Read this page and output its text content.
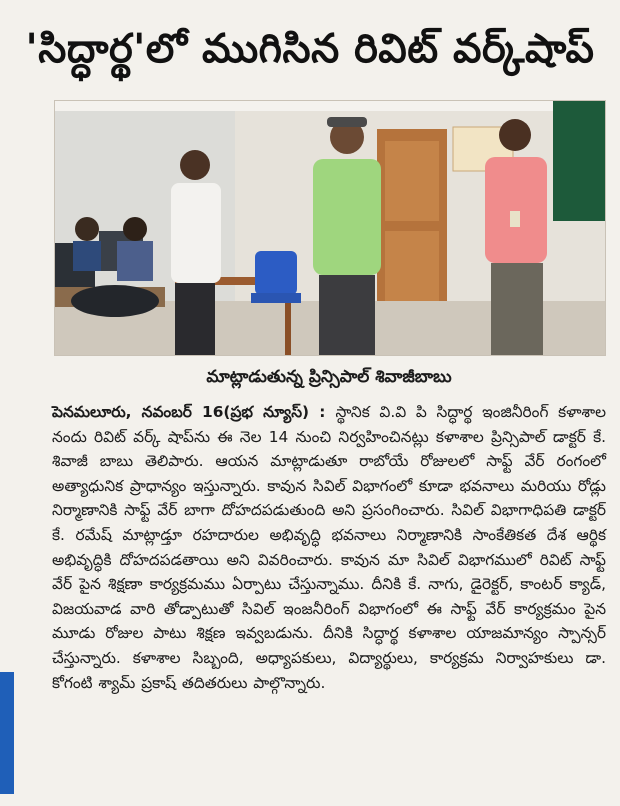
'సిద్ధార్థ'లో ముగిసిన రివిట్ వర్క్‌షాప్
మాట్లాడుతున్న ప్రిన్సిపాల్ శివాజీబాబు

పెనమలూరు, నవంబర్ 16(ప్రభ న్యూస్) : స్థానిక వి.వి పి సిద్ధార్థ ఇంజినీరింగ్ కళాశాల నందు రివిట్ వర్క్ షాప్‌ను ఈ నెల 14 నుంచి నిర్వహించినట్లు కళాశాల ప్రిన్సిపాల్ డాక్టర్ కే. శివాజీ బాబు తెలిపారు. ఆయన మాట్లాడుతూ రాబోయే రోజులలో సాఫ్ట్ వేర్ రంగంలో అత్యాధునిక ప్రాధాన్యం ఇస్తున్నారు. కావున సివిల్ విభాగంలో కూడా భవనాలు మరియు రోడ్లు నిర్మాణానికి సాఫ్ట్ వేర్ బాగా దోహదపడుతుంది అని ప్రసంగించారు. సివిల్ విభాగాధిపతి డాక్టర్ కే. రమేష్ మాట్లాడ్తూ రహదారుల అభివృద్ధి భవనాలు నిర్మాణానికి సాంకేతికత దేశ ఆర్థిక అభివృద్ధికి దోహదపడతాయి అని వివరించారు. కావున మా సివిల్ విభాగములో రివిట్ సాఫ్ట్ వేర్ పైన శిక్షణా కార్యక్రమము ఏర్పాటు చేస్తున్నాము. దీనికి కే. నాగు, డైరెక్టర్, కాంటర్ క్యాడ్, విజయవాడ వారి తోడ్పాటుతో సివిల్ ఇంజనీరింగ్ విభాగంలో ఈ సాఫ్ట్ వేర్ కార్యక్రమం పైన మూడు రోజుల పాటు శిక్షణ ఇవ్వబడును. దీనికి సిద్ధార్థ కళాశాల యాజమాన్యం స్పాన్సర్ చేస్తున్నారు. కళాశాల సిబ్బంది, అధ్యాపకులు, విద్యార్థులు, కార్యక్రమ నిర్వాహకులు డా. కోగంటి శ్యామ్ ప్రకాష్ తదితరులు పాల్గొన్నారు.
